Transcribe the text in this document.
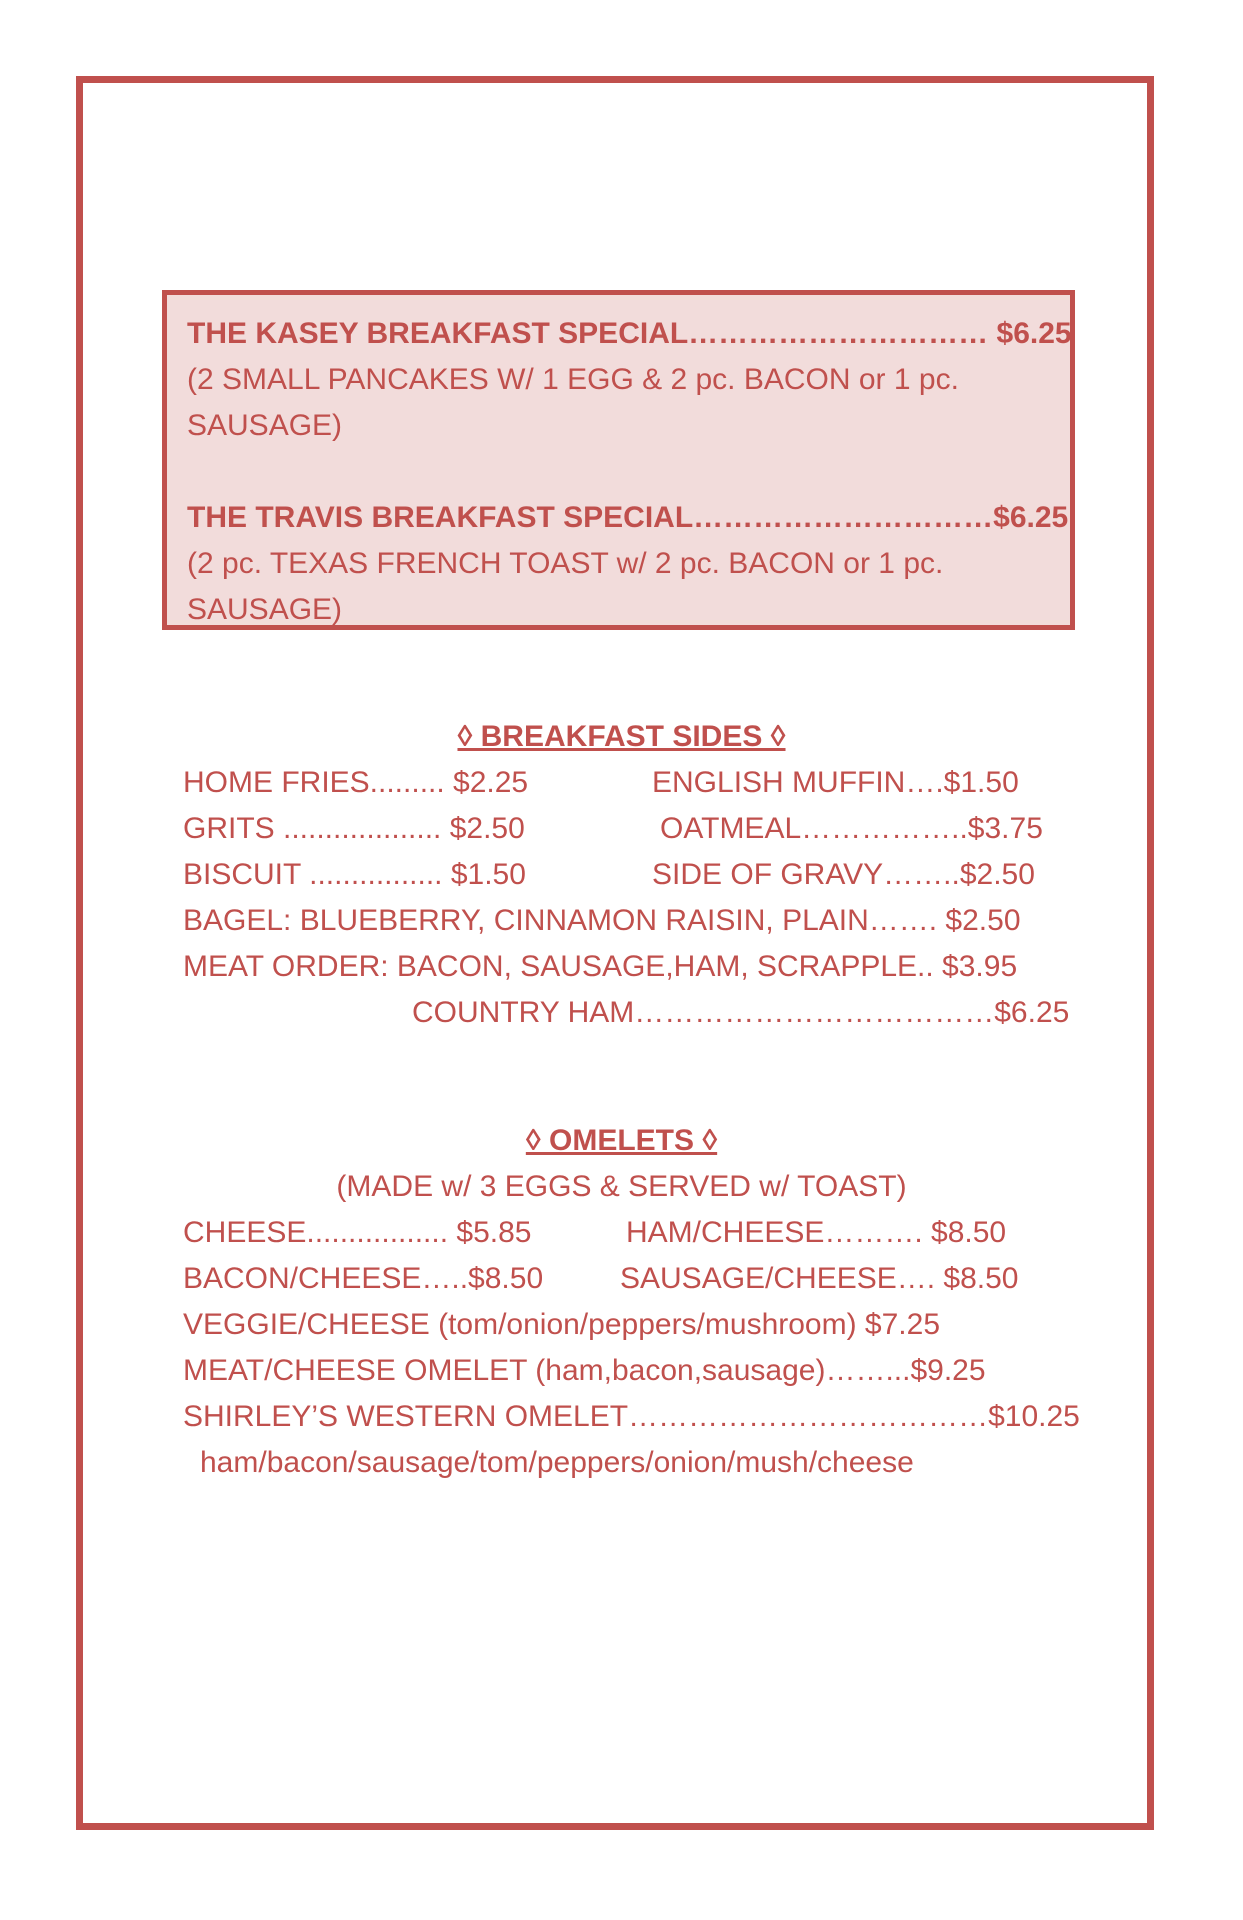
THE KASEY BREAKFAST SPECIAL………………………… $6.25
(2 SMALL PANCAKES W/ 1 EGG & 2 pc. BACON or 1 pc.
SAUSAGE)
THE TRAVIS BREAKFAST SPECIAL…………………………$6.25
(2 pc. TEXAS FRENCH TOAST w/ 2 pc. BACON or 1 pc.
SAUSAGE)
◊ BREAKFAST SIDES ◊
HOME FRIES......... $2.25	ENGLISH MUFFIN….$1.50
GRITS ................... $2.50	OATMEAL……………..$3.75
BISCUIT ................ $1.50	SIDE OF GRAVY……..$2.50
BAGEL: BLUEBERRY, CINNAMON RAISIN, PLAIN……. $2.50
MEAT ORDER: BACON, SAUSAGE,HAM, SCRAPPLE.. $3.95
COUNTRY HAM………………………………$6.25
◊ OMELETS ◊
(MADE w/ 3 EGGS & SERVED w/ TOAST)
CHEESE................. $5.85	HAM/CHEESE………. $8.50
BACON/CHEESE…..$8.50	SAUSAGE/CHEESE…. $8.50
VEGGIE/CHEESE (tom/onion/peppers/mushroom) $7.25
MEAT/CHEESE OMELET (ham,bacon,sausage)……...$9.25
SHIRLEY’S WESTERN OMELET………………………………$10.25
ham/bacon/sausage/tom/peppers/onion/mush/cheese
